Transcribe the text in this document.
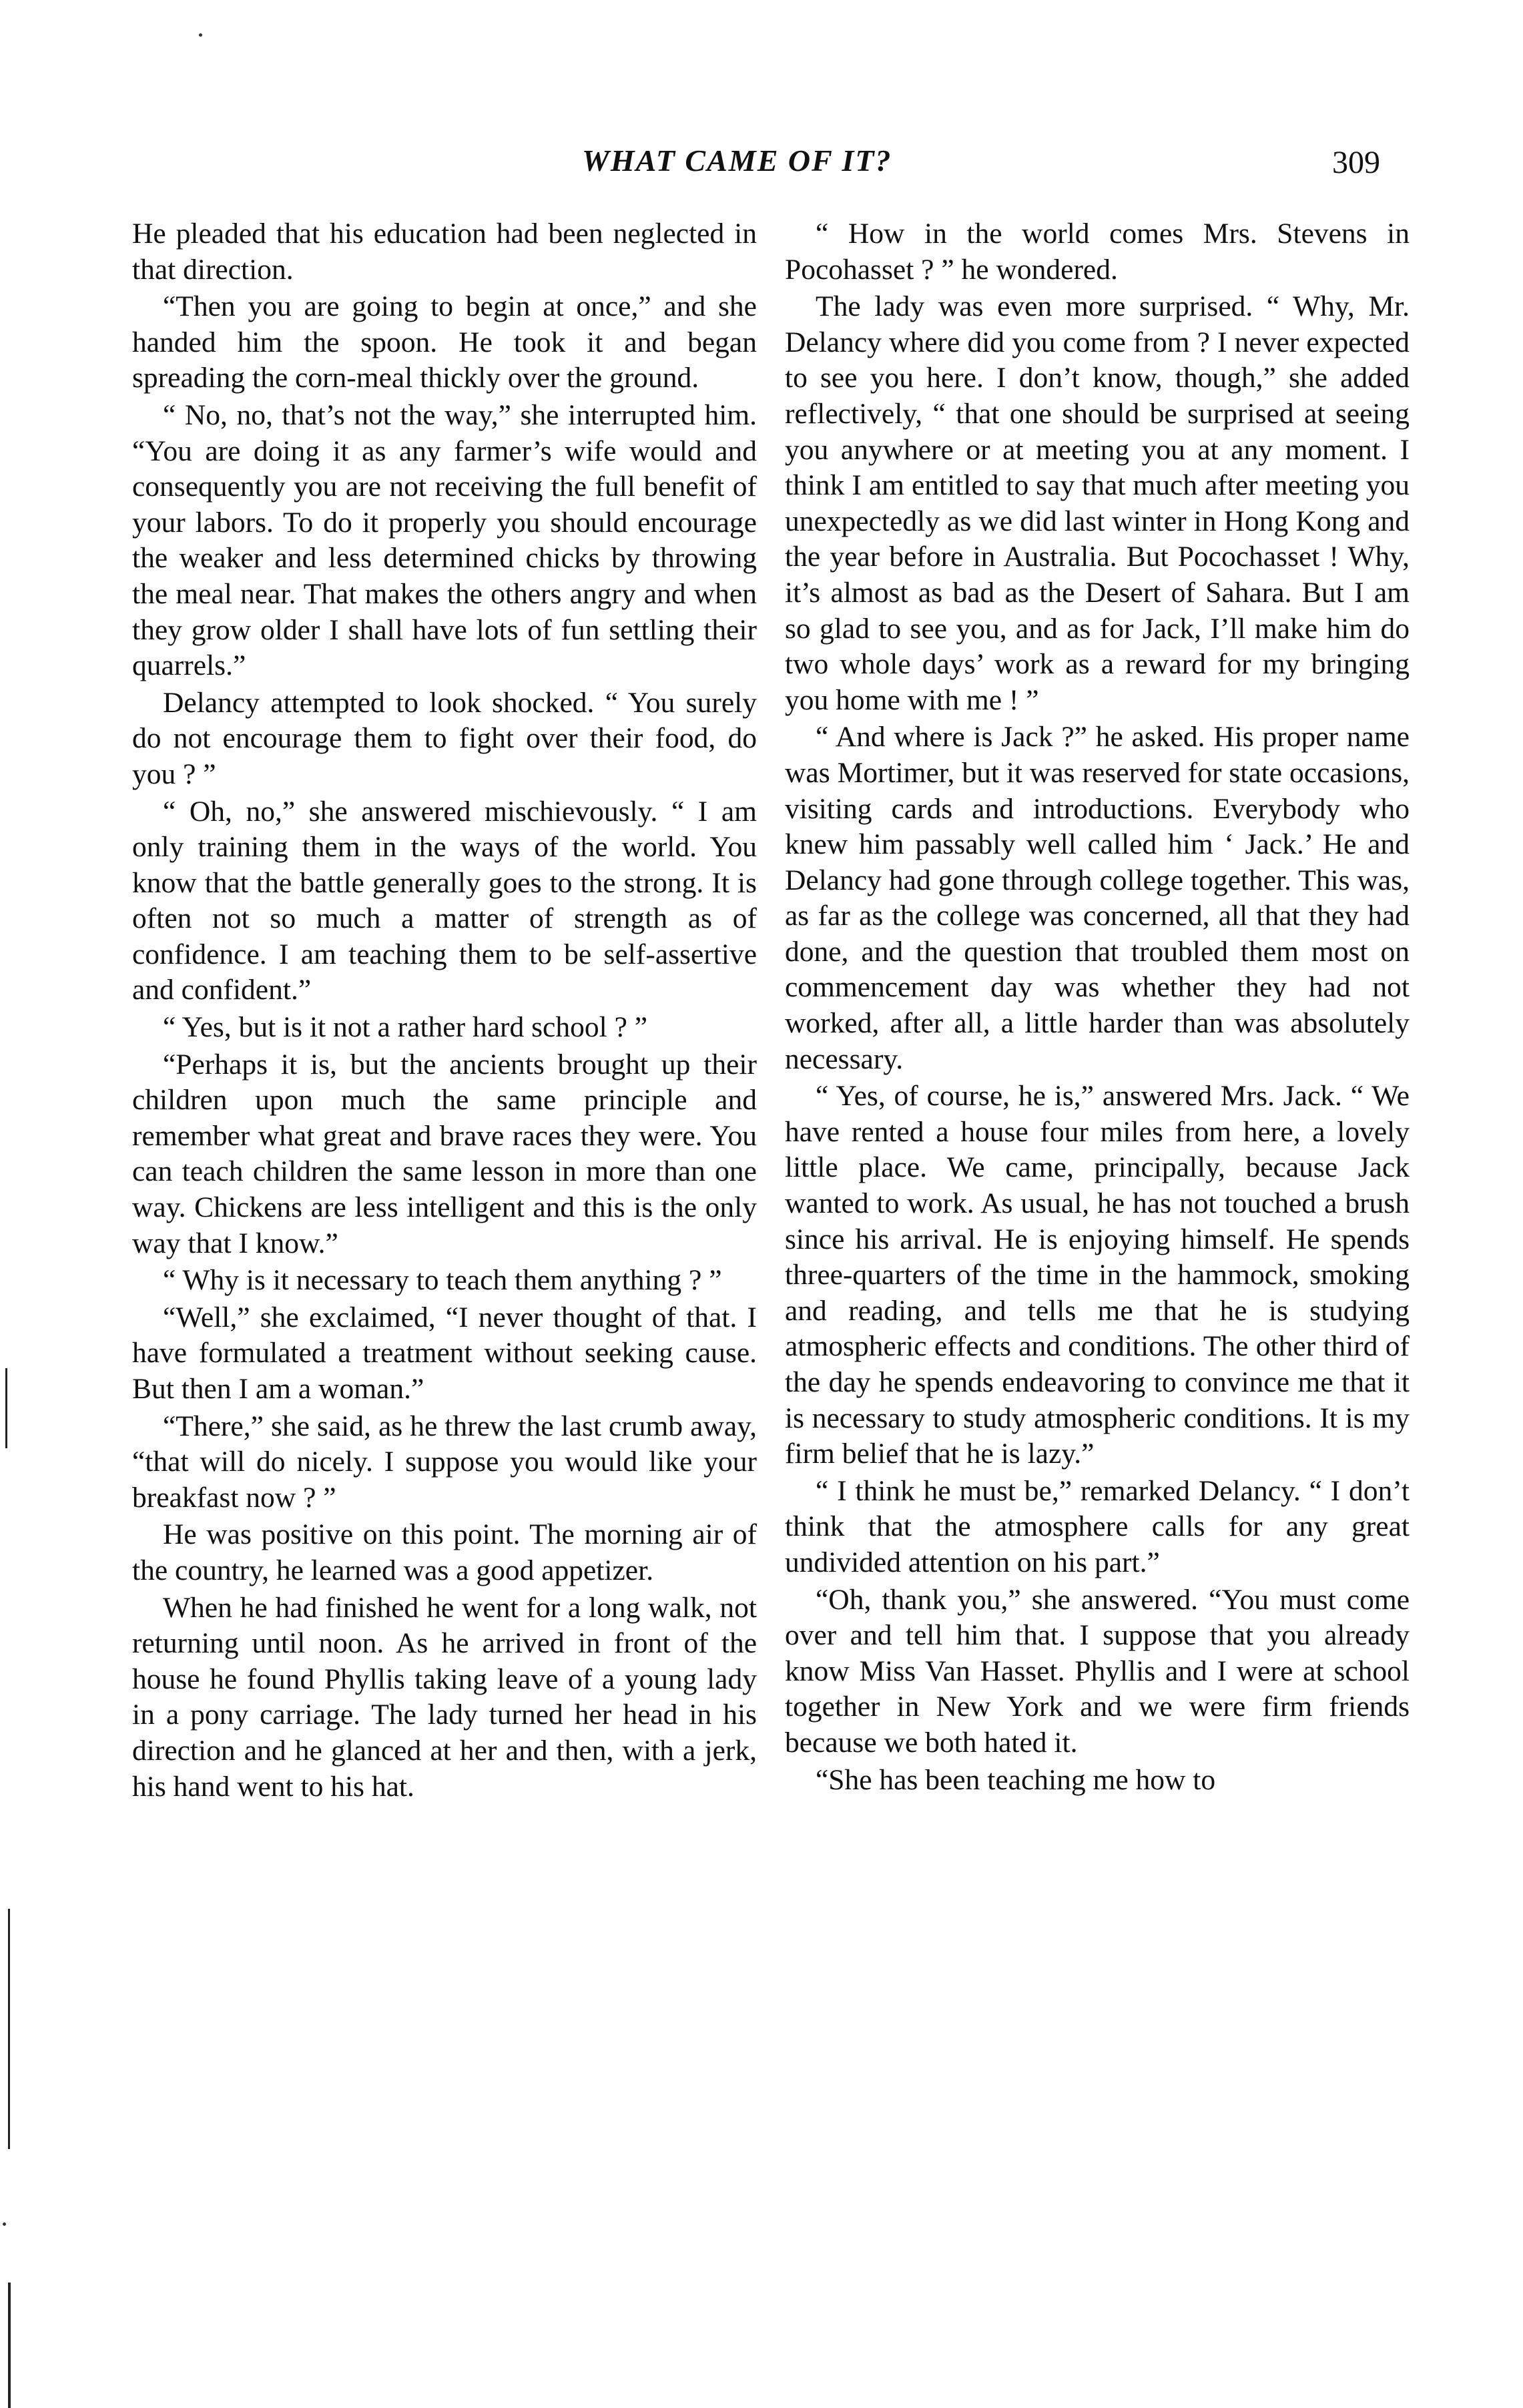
WHAT CAME OF IT?	309

He pleaded that his education had been neglected in that direction.

“Then you are going to begin at once,” and she handed him the spoon. He took it and began spreading the corn-meal thickly over the ground.

“ No, no, that’s not the way,” she interrupted him. “You are doing it as any farmer’s wife would and consequently you are not receiving the full benefit of your labors. To do it properly you should encourage the weaker and less determined chicks by throwing the meal near. That makes the others angry and when they grow older I shall have lots of fun settling their quarrels.”

Delancy attempted to look shocked. “ You surely do not encourage them to fight over their food, do you ? ”

“ Oh, no,” she answered mischievously. “ I am only training them in the ways of the world. You know that the battle generally goes to the strong. It is often not so much a matter of strength as of confidence. I am teaching them to be self-assertive and confident.”

“ Yes, but is it not a rather hard school ? ”

“Perhaps it is, but the ancients brought up their children upon much the same principle and remember what great and brave races they were. You can teach children the same lesson in more than one way. Chickens are less intelligent and this is the only way that I know.”

“ Why is it necessary to teach them anything ? ”

“Well,” she exclaimed, “I never thought of that. I have formulated a treatment without seeking cause. But then I am a woman.”

“There,” she said, as he threw the last crumb away, “that will do nicely. I suppose you would like your breakfast now ? ”

He was positive on this point. The morning air of the country, he learned was a good appetizer.

When he had finished he went for a long walk, not returning until noon. As he arrived in front of the house he found Phyllis taking leave of a young lady in a pony carriage. The lady turned her head in his direction and he glanced at her and then, with a jerk, his hand went to his hat.

“ How in the world comes Mrs. Stevens in Pocohasset ? ” he wondered.

The lady was even more surprised. “ Why, Mr. Delancy where did you come from ? I never expected to see you here. I don’t know, though,” she added reflectively, “ that one should be surprised at seeing you anywhere or at meeting you at any moment. I think I am entitled to say that much after meeting you unexpectedly as we did last winter in Hong Kong and the year before in Australia. But Pocochasset ! Why, it’s almost as bad as the Desert of Sahara. But I am so glad to see you, and as for Jack, I’ll make him do two whole days’ work as a reward for my bringing you home with me ! ”

“ And where is Jack ?” he asked. His proper name was Mortimer, but it was reserved for state occasions, visiting cards and introductions. Everybody who knew him passably well called him ‘ Jack.’ He and Delancy had gone through college together. This was, as far as the college was concerned, all that they had done, and the question that troubled them most on commencement day was whether they had not worked, after all, a little harder than was absolutely necessary.

“ Yes, of course, he is,” answered Mrs. Jack. “ We have rented a house four miles from here, a lovely little place. We came, principally, because Jack wanted to work. As usual, he has not touched a brush since his arrival. He is enjoying himself. He spends three-quarters of the time in the hammock, smoking and reading, and tells me that he is studying atmospheric effects and conditions. The other third of the day he spends endeavoring to convince me that it is necessary to study atmospheric conditions. It is my firm belief that he is lazy.”

“ I think he must be,” remarked Delancy. “ I don’t think that the atmosphere calls for any great undivided attention on his part.”

“Oh, thank you,” she answered. “You must come over and tell him that. I suppose that you already know Miss Van Hasset. Phyllis and I were at school together in New York and we were firm friends because we both hated it.

“She has been teaching me how to
